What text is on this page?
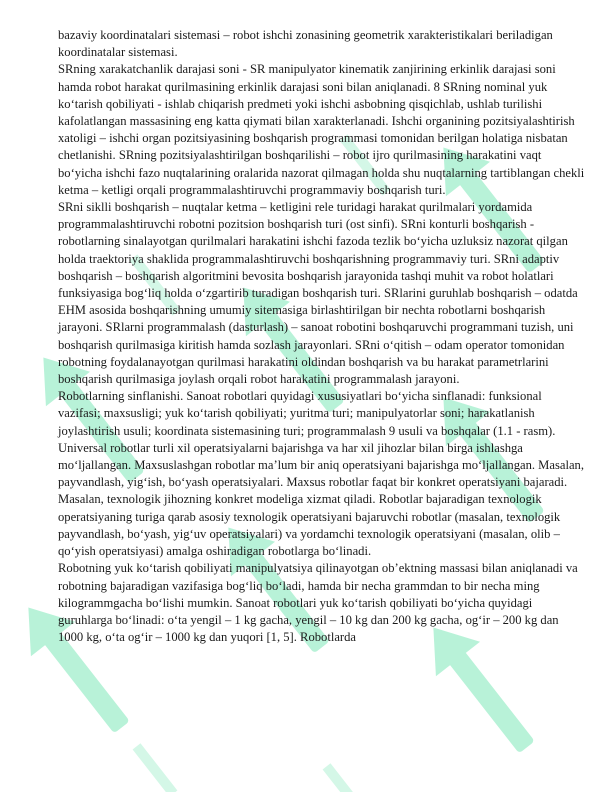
bazaviy koordinatalari sistemasi – robot ishchi zonasining geometrik xarakteristikalari beriladigan koordinatalar sistemasi.

SRning xarakatchanlik darajasi soni - SR manipulyator kinematik zanjirining erkinlik darajasi soni hamda robot harakat qurilmasining erkinlik darajasi soni bilan aniqlanadi. 8 SRning nominal yuk ko‘tarish qobiliyati - ishlab chiqarish predmeti yoki ishchi asbobning qisqichlab, ushlab turilishi kafolatlangan massasining eng katta qiymati bilan xarakterlanadi. Ishchi organining pozitsiyalashtirish xatoligi – ishchi organ pozitsiyasining boshqarish programmasi tomonidan berilgan holatiga nisbatan chetlanishi. SRning pozitsiyalashtirilgan boshqarilishi – robot ijro qurilmasining harakatini vaqt bo‘yicha ishchi fazo nuqtalarining oralarida nazorat qilmagan holda shu nuqtalarning tartiblangan chekli ketma – ketligi orqali programmalashtiruvchi programmaviy boshqarish turi.

SRni siklli boshqarish – nuqtalar ketma – ketligini rele turidagi harakat qurilmalari yordamida programmalashtiruvchi robotni pozitsion boshqarish turi (ost sinfi). SRni konturli boshqarish - robotlarning sinalayotgan qurilmalari harakatini ishchi fazoda tezlik bo‘yicha uzluksiz nazorat qilgan holda traektoriya shaklida programmalashtiruvchi boshqarishning programmaviy turi. SRni adaptiv boshqarish – boshqarish algoritmini bevosita boshqarish jarayonida tashqi muhit va robot holatlari funksiyasiga bog‘liq holda o‘zgartirib turadigan boshqarish turi. SRlarini guruhlab boshqarish – odatda EHM asosida boshqarishning umumiy sitemasiga birlashtirilgan bir nechta robotlarni boshqarish jarayoni. SRlarni programmalash (dasturlash) – sanoat robotini boshqaruvchi programmani tuzish, uni boshqarish qurilmasiga kiritish hamda sozlash jarayonlari. SRni o‘qitish – odam operator tomonidan robotning foydalanayotgan qurilmasi harakatini oldindan boshqarish va bu harakat parametrlarini boshqarish qurilmasiga joylash orqali robot harakatini programmalash jarayoni.

Robotlarning sinflanishi. Sanoat robotlari quyidagi xususiyatlari bo‘yicha sinflanadi: funksional vazifasi; maxsusligi; yuk ko‘tarish qobiliyati; yuritma turi; manipulyatorlar soni; harakatlanish joylashtirish usuli; koordinata sistemasining turi; programmalash 9 usuli va boshqalar (1.1 - rasm). Universal robotlar turli xil operatsiyalarni bajarishga va har xil jihozlar bilan birga ishlashga mo‘ljallangan. Maxsuslashgan robotlar ma’lum bir aniq operatsiyani bajarishga mo‘ljallangan. Masalan, payvandlash, yig‘ish, bo‘yash operatsiyalari. Maxsus robotlar faqat bir konkret operatsiyani bajaradi. Masalan, texnologik jihozning konkret modeliga xizmat qiladi. Robotlar bajaradigan texnologik operatsiyaning turiga qarab asosiy texnologik operatsiyani bajaruvchi robotlar (masalan, texnologik payvandlash, bo‘yash, yig‘uv operatsiyalari) va yordamchi texnologik operatsiyani (masalan, olib – qo‘yish operatsiyasi) amalga oshiradigan robotlarga bo‘linadi.

Robotning yuk ko‘tarish qobiliyati manipulyatsiya qilinayotgan ob’ektning massasi bilan aniqlanadi va robotning bajaradigan vazifasiga bog‘liq bo‘ladi, hamda bir necha grammdan to bir necha ming kilogrammgacha bo‘lishi mumkin. Sanoat robotlari yuk ko‘tarish qobiliyati bo‘yicha quyidagi guruhlarga bo‘linadi: o‘ta yengil – 1 kg gacha, yengil – 10 kg dan 200 kg gacha, og‘ir – 200 kg dan 1000 kg, o‘ta og‘ir – 1000 kg dan yuqori [1, 5]. Robotlarda
